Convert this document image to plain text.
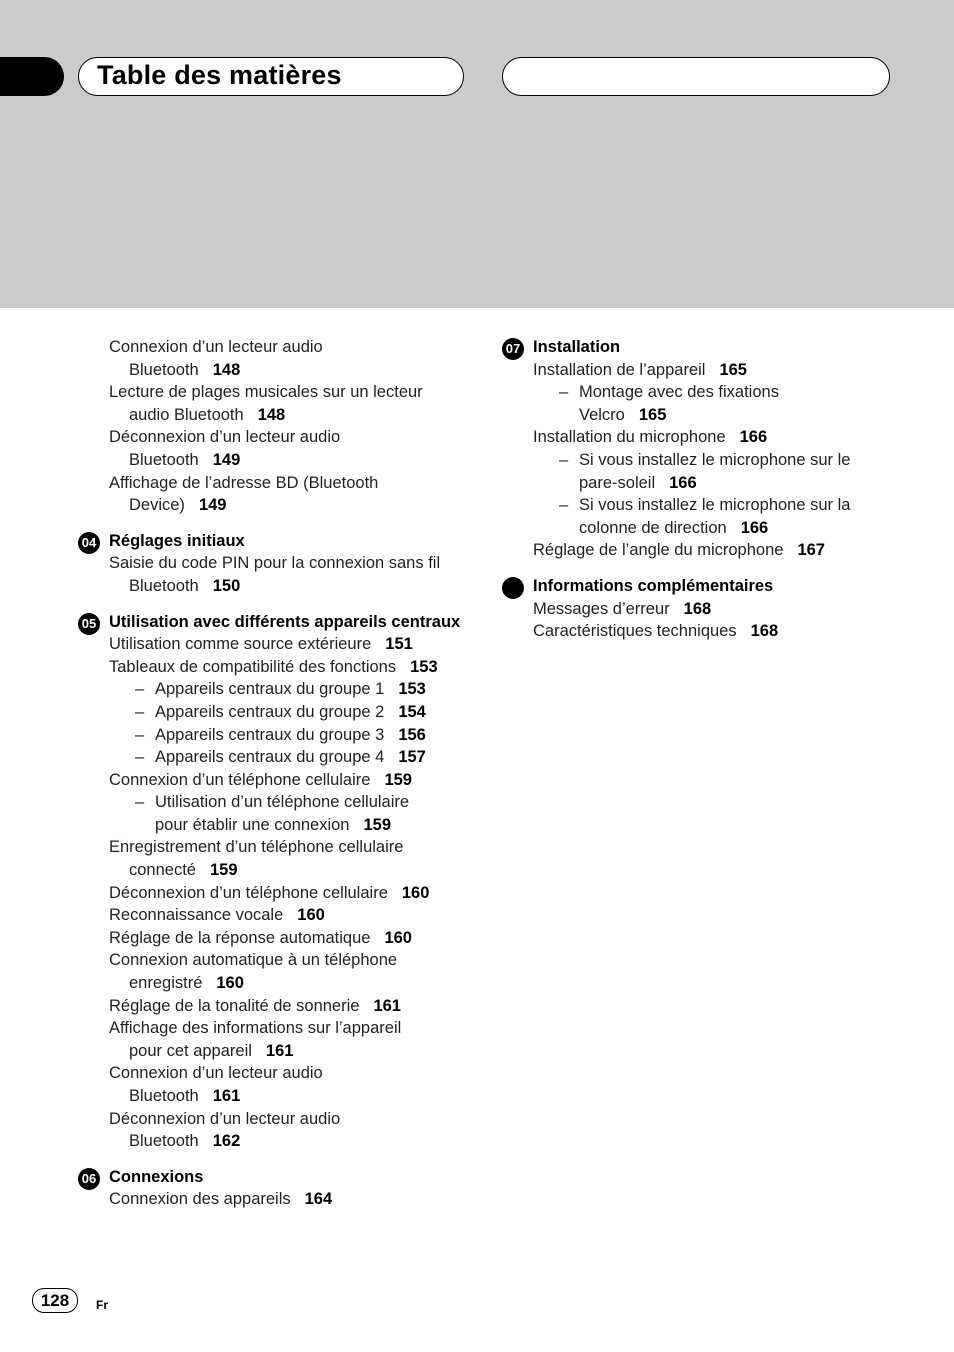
Table des matières
Connexion d’un lecteur audio
Bluetooth 148
Lecture de plages musicales sur un lecteur
audio Bluetooth 148
Déconnexion d’un lecteur audio
Bluetooth 149
Affichage de l’adresse BD (Bluetooth
Device) 149
04 Réglages initiaux
Saisie du code PIN pour la connexion sans fil
Bluetooth 150
05 Utilisation avec différents appareils centraux
Utilisation comme source extérieure 151
Tableaux de compatibilité des fonctions 153
– Appareils centraux du groupe 1 153
– Appareils centraux du groupe 2 154
– Appareils centraux du groupe 3 156
– Appareils centraux du groupe 4 157
Connexion d’un téléphone cellulaire 159
– Utilisation d’un téléphone cellulaire
pour établir une connexion 159
Enregistrement d’un téléphone cellulaire
connecté 159
Déconnexion d’un téléphone cellulaire 160
Reconnaissance vocale 160
Réglage de la réponse automatique 160
Connexion automatique à un téléphone
enregistré 160
Réglage de la tonalité de sonnerie 161
Affichage des informations sur l’appareil
pour cet appareil 161
Connexion d’un lecteur audio
Bluetooth 161
Déconnexion d’un lecteur audio
Bluetooth 162
06 Connexions
Connexion des appareils 164
07 Installation
Installation de l’appareil 165
– Montage avec des fixations
Velcro 165
Installation du microphone 166
– Si vous installez le microphone sur le
pare-soleil 166
– Si vous installez le microphone sur la
colonne de direction 166
Réglage de l’angle du microphone 167
Informations complémentaires
Messages d’erreur 168
Caractéristiques techniques 168
128	Fr
